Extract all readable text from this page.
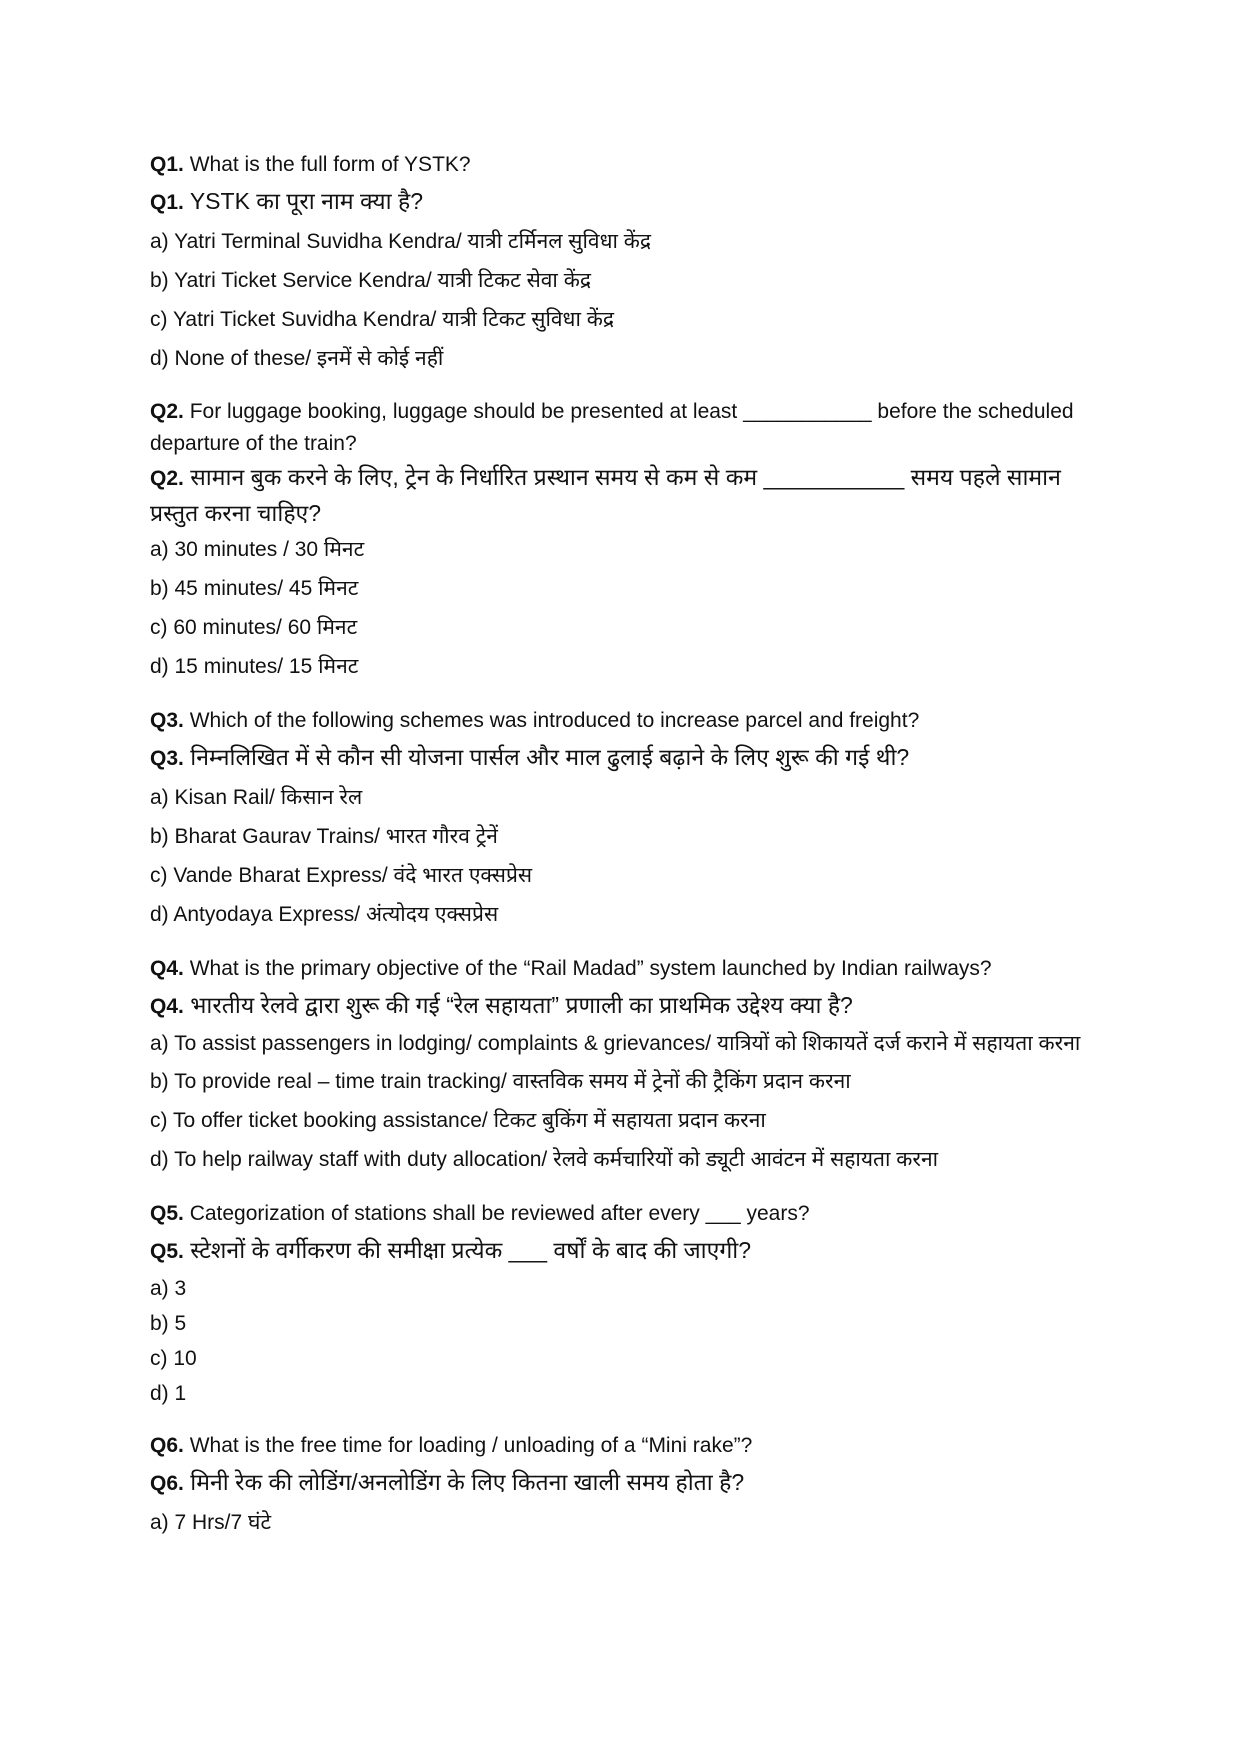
Q1. What is the full form of YSTK?
Q1. YSTK का पूरा नाम क्या है?
a) Yatri Terminal Suvidha Kendra/ यात्री टर्मिनल सुविधा केंद्र
b) Yatri Ticket Service Kendra/ यात्री टिकट सेवा केंद्र
c) Yatri Ticket Suvidha Kendra/ यात्री टिकट सुविधा केंद्र
d) None of these/ इनमें से कोई नहीं
Q2. For luggage booking, luggage should be presented at least ___________ before the scheduled departure of the train?
Q2. सामान बुक करने के लिए, ट्रेन के निर्धारित प्रस्थान समय से कम से कम ___________ समय पहले सामान प्रस्तुत करना चाहिए?
a) 30 minutes / 30 मिनट
b) 45 minutes/ 45 मिनट
c) 60 minutes/ 60 मिनट
d) 15 minutes/ 15 मिनट
Q3. Which of the following schemes was introduced to increase parcel and freight?
Q3. निम्नलिखित में से कौन सी योजना पार्सल और माल ढुलाई बढ़ाने के लिए शुरू की गई थी?
a) Kisan Rail/ किसान रेल
b) Bharat Gaurav Trains/ भारत गौरव ट्रेनें
c) Vande Bharat Express/ वंदे भारत एक्सप्रेस
d) Antyodaya Express/ अंत्योदय एक्सप्रेस
Q4. What is the primary objective of the “Rail Madad” system launched by Indian railways?
Q4. भारतीय रेलवे द्वारा शुरू की गई “रेल सहायता” प्रणाली का प्राथमिक उद्देश्य क्या है?
a) To assist passengers in lodging/ complaints & grievances/ यात्रियों को शिकायतें दर्ज कराने में सहायता करना
b) To provide real – time train tracking/ वास्तविक समय में ट्रेनों की ट्रैकिंग प्रदान करना
c) To offer ticket booking assistance/ टिकट बुकिंग में सहायता प्रदान करना
d) To help railway staff with duty allocation/ रेलवे कर्मचारियों को ड्यूटी आवंटन में सहायता करना
Q5. Categorization of stations shall be reviewed after every ___ years?
Q5. स्टेशनों के वर्गीकरण की समीक्षा प्रत्येक ___ वर्षों के बाद की जाएगी?
a) 3
b) 5
c) 10
d) 1
Q6. What is the free time for loading / unloading of a “Mini rake”?
Q6. मिनी रेक की लोडिंग/अनलोडिंग के लिए कितना खाली समय होता है?
a) 7 Hrs/7 घंटे
